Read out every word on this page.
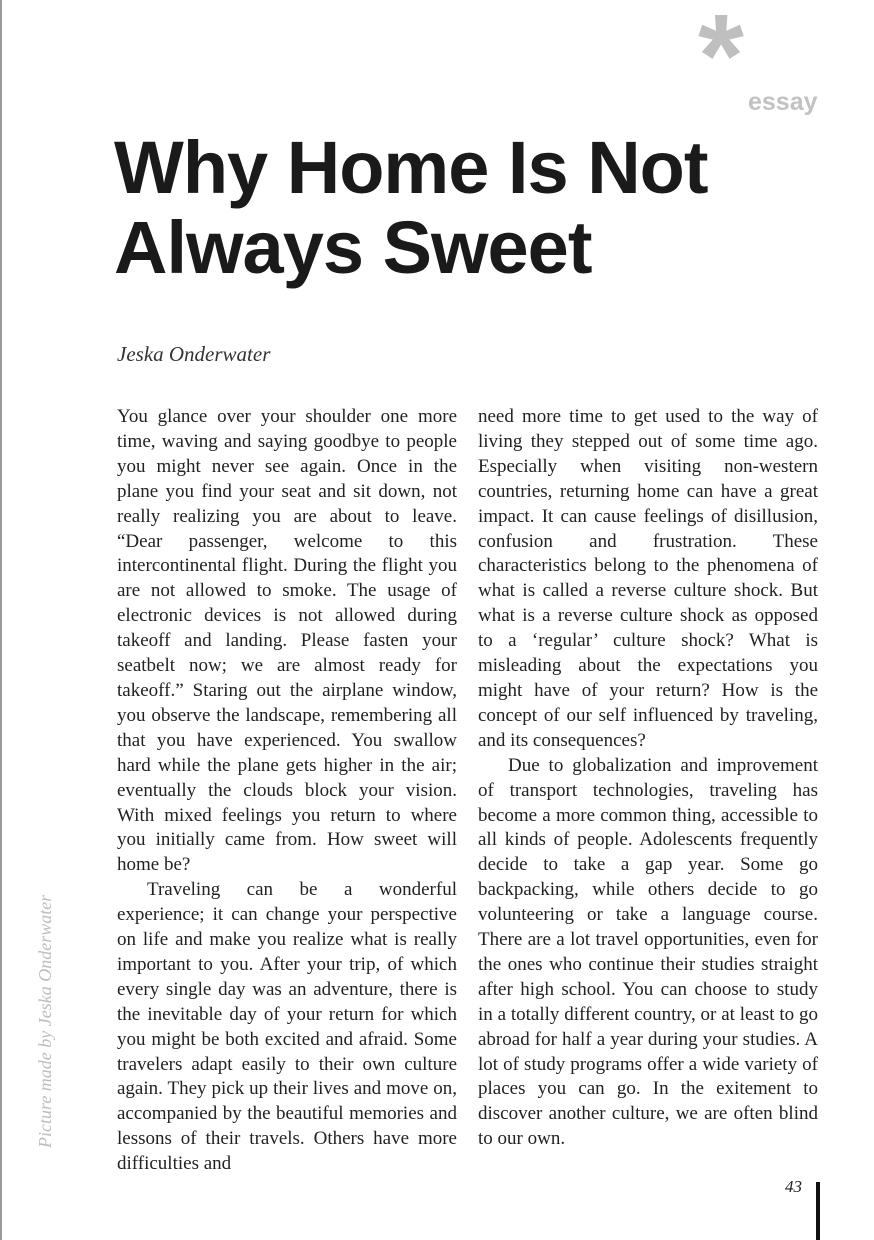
* essay
Why Home Is Not
Always Sweet
Jeska Onderwater

You glance over your shoulder one more time, waving and saying goodbye to people you might never see again. Once in the plane you find your seat and sit down, not really realizing you are about to leave. “Dear passenger, welcome to this intercontinental flight. During the flight you are not allowed to smoke. The usage of electronic devices is not allowed during takeoff and landing. Please fasten your seatbelt now; we are almost ready for takeoff.” Staring out the airplane window, you observe the landscape, remembering all that you have experienced. You swallow hard while the plane gets higher in the air; eventually the clouds block your vision. With mixed feelings you return to where you initially came from. How sweet will home be?

Traveling can be a wonderful experience; it can change your perspective on life and make you realize what is really important to you. After your trip, of which every single day was an adventure, there is the inevitable day of your return for which you might be both excited and afraid. Some travelers adapt easily to their own culture again. They pick up their lives and move on, accompanied by the beautiful memories and lessons of their travels. Others have more difficulties and

need more time to get used to the way of living they stepped out of some time ago. Especially when visiting non-western countries, returning home can have a great impact. It can cause feelings of disillusion, confusion and frustration. These characteristics belong to the phenomena of what is called a reverse culture shock. But what is a reverse culture shock as opposed to a ‘regular’ culture shock? What is misleading about the expectations you might have of your return? How is the concept of our self influenced by traveling, and its consequences?

Due to globalization and improvement of transport technologies, traveling has become a more common thing, accessible to all kinds of people. Adolescents frequently decide to take a gap year. Some go backpacking, while others decide to go volunteering or take a language course. There are a lot travel opportunities, even for the ones who continue their studies straight after high school. You can choose to study in a totally different country, or at least to go abroad for half a year during your studies. A lot of study programs offer a wide variety of places you can go. In the exitement to discover another culture, we are often blind to our own.

Picture made by Jeska Onderwater
43
